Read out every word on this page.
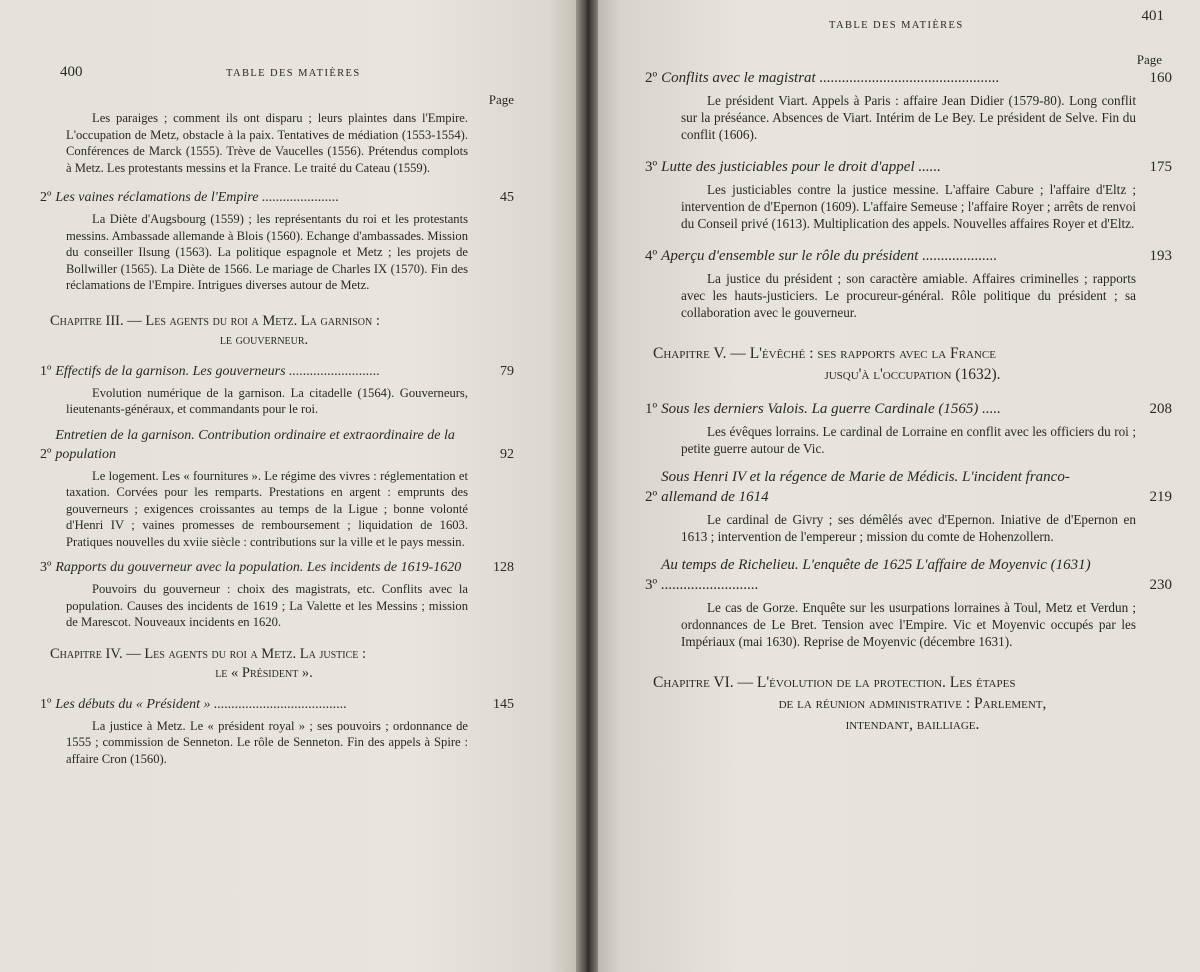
400	TABLE DES MATIÈRES
Page

Les paraiges ; comment ils ont disparu ; leurs plaintes dans l'Empire. L'occupation de Metz, obstacle à la paix. Tentatives de médiation (1553-1554). Conférences de Marck (1555). Trève de Vaucelles (1556). Prétendus complots à Metz. Les protestants messins et la France. Le traité du Cateau (1559).

2º Les vaines réclamations de l'Empire ......................	45

La Diète d'Augsbourg (1559) ; les représentants du roi et les protestants messins. Ambassade allemande à Blois (1560). Echange d'ambassades. Mission du conseiller Ilsung (1563). La politique espagnole et Metz ; les projets de Bollwiller (1565). La Diète de 1566. Le mariage de Charles IX (1570). Fin des réclamations de l'Empire. Intrigues diverses autour de Metz.

Chapitre III. — Les agents du roi a Metz. La garnison :
le gouverneur.
1º Effectifs de la garnison. Les gouverneurs ..........................	79

Evolution numérique de la garnison. La citadelle (1564). Gouverneurs, lieutenants-généraux, et commandants pour le roi.

2º
Entretien de la garnison. Contribution ordinaire et extraordinaire de la population	92

Le logement. Les « fournitures ». Le régime des vivres : réglementation et taxation. Corvées pour les remparts. Prestations en argent : emprunts des gouverneurs ; exigences croissantes au temps de la Ligue ; bonne volonté d'Henri IV ; vaines promesses de remboursement ; liquidation de 1603. Pratiques nouvelles du xviie siècle : contributions sur la ville et le pays messin.

3º Rapports du gouverneur avec la population. Les incidents de 1619-1620	128

Pouvoirs du gouverneur : choix des magistrats, etc. Conflits avec la population. Causes des incidents de 1619 ; La Valette et les Messins ; mission de Marescot. Nouveaux incidents en 1620.

Chapitre IV. — Les agents du roi a Metz. La justice :
le « Président ».
1º Les débuts du « Président » ......................................	145

La justice à Metz. Le « président royal » ; ses pouvoirs ; ordonnance de 1555 ; commission de Senneton. Le rôle de Senneton. Fin des appels à Spire : affaire Cron (1560).

TABLE DES MATIÈRES
401
Page
2º Conflits avec le magistrat ................................................	160

Le président Viart. Appels à Paris : affaire Jean Didier (1579-80). Long conflit sur la préséance. Absences de Viart. Intérim de Le Bey. Le président de Selve. Fin du conflit (1606).

3º Lutte des justiciables pour le droit d'appel ......	175

Les justiciables contre la justice messine. L'affaire Cabure ; l'affaire d'Eltz ; intervention de d'Epernon (1609). L'affaire Semeuse ; l'affaire Royer ; arrêts de renvoi du Conseil privé (1613). Multiplication des appels. Nouvelles affaires Royer et d'Eltz.

4º Aperçu d'ensemble sur le rôle du président ....................	193

La justice du président ; son caractère amiable. Affaires criminelles ; rapports avec les hauts-justiciers. Le procureur-général. Rôle politique du président ; sa collaboration avec le gouverneur.

Chapitre V. — L'évêché : ses rapports avec la France
jusqu'à l'occupation (1632).
1º Sous les derniers Valois. La guerre Cardinale (1565) .....	208

Les évêques lorrains. Le cardinal de Lorraine en conflit avec les officiers du roi ; petite guerre autour de Vic.

2º
Sous Henri IV et la régence de Marie de Médicis. L'incident franco-allemand de 1614	219

Le cardinal de Givry ; ses démêlés avec d'Epernon. Iniative de d'Epernon en 1613 ; intervention de l'empereur ; mission du comte de Hohenzollern.

3º
Au temps de Richelieu. L'enquête de 1625 L'affaire de Moyenvic (1631) ..........................	230

Le cas de Gorze. Enquête sur les usurpations lorraines à Toul, Metz et Verdun ; ordonnances de Le Bret. Tension avec l'Empire. Vic et Moyenvic occupés par les Impériaux (mai 1630). Reprise de Moyenvic (décembre 1631).

Chapitre VI. — L'évolution de la protection. Les étapes
de la réunion administrative : Parlement,
intendant, bailliage.
